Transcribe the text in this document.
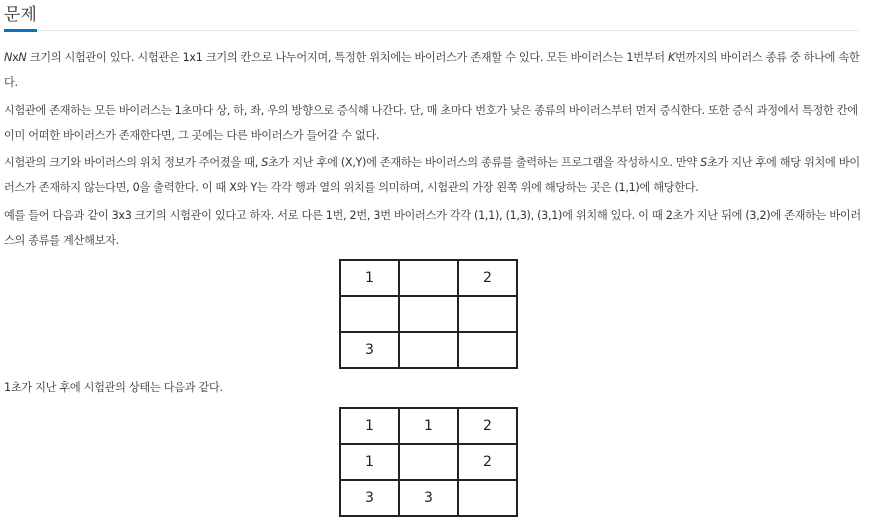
문제

NxN 크기의 시험관이 있다. 시험관은 1x1 크기의 칸으로 나누어지며, 특정한 위치에는 바이러스가 존재할 수 있다. 모든 바이러스는 1번부터 K번까지의 바이러스 종류 중 하나에 속한다.

시험관에 존재하는 모든 바이러스는 1초마다 상, 하, 좌, 우의 방향으로 증식해 나간다. 단, 매 초마다 번호가 낮은 종류의 바이러스부터 먼저 증식한다. 또한 증식 과정에서 특정한 칸에 이미 어떠한 바이러스가 존재한다면, 그 곳에는 다른 바이러스가 들어갈 수 없다.

시험관의 크기와 바이러스의 위치 정보가 주어졌을 때, S초가 지난 후에 (X,Y)에 존재하는 바이러스의 종류를 출력하는 프로그램을 작성하시오. 만약 S초가 지난 후에 해당 위치에 바이러스가 존재하지 않는다면, 0을 출력한다. 이 때 X와 Y는 각각 행과 열의 위치를 의미하며, 시험관의 가장 왼쪽 위에 해당하는 곳은 (1,1)에 해당한다.

예를 들어 다음과 같이 3x3 크기의 시험관이 있다고 하자. 서로 다른 1번, 2번, 3번 바이러스가 각각 (1,1), (1,3), (3,1)에 위치해 있다. 이 때 2초가 지난 뒤에 (3,2)에 존재하는 바이러스의 종류를 계산해보자.

1		2

3		

1초가 지난 후에 시험관의 상태는 다음과 같다.

1	1	2
1		2
3	3	
